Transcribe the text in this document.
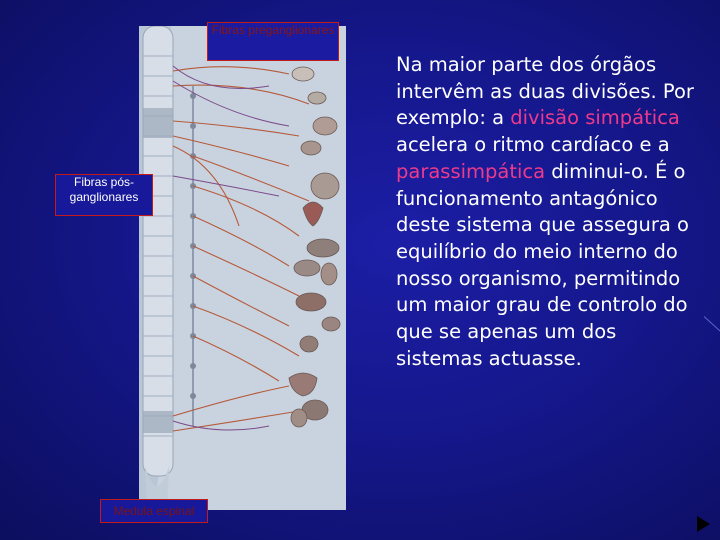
Fibras preganglionares
Fibras pós-ganglionares
Medula espinal
Na maior parte dos órgãos intervêm as duas divisões. Por exemplo: a divisão simpática acelera o ritmo cardíaco e a parassimpática diminui-o. É o funcionamento antagónico deste sistema que assegura o equilíbrio do meio interno do nosso organismo, permitindo um maior grau de controlo do que se apenas um dos sistemas actuasse.
